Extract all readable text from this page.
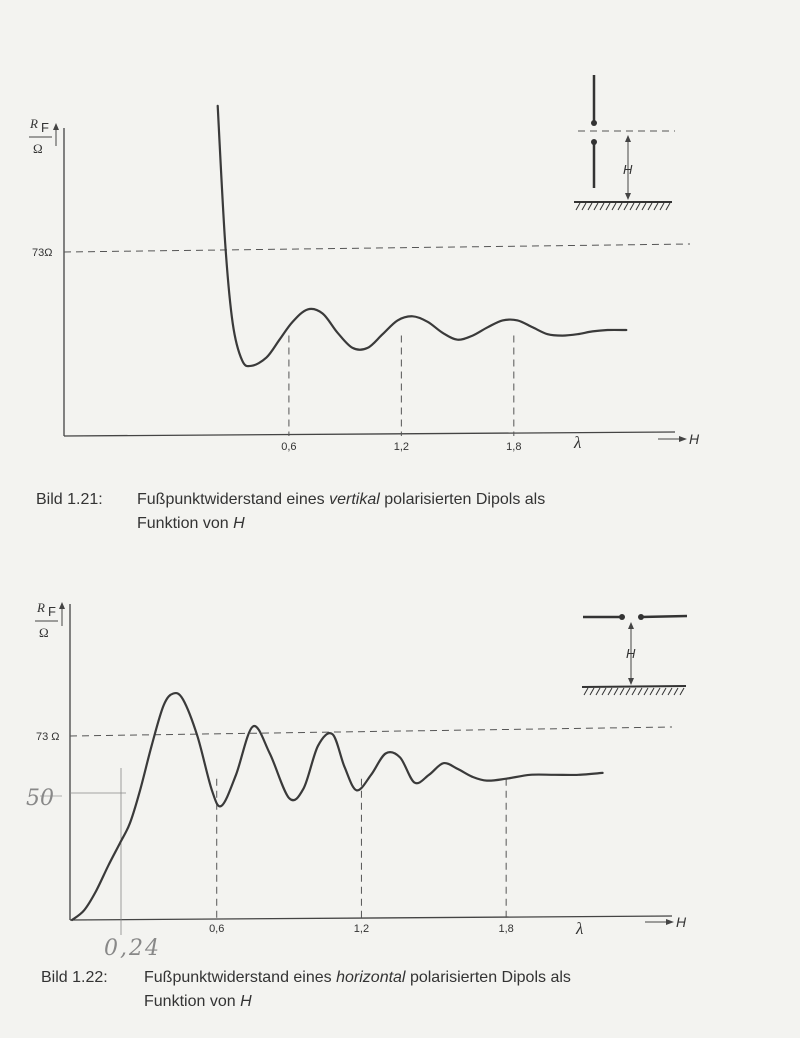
R F
Ω
73Ω
0,6	1,2	1,8	λ	H
H
R F
Ω
73 Ω
0,6	1,2	1,8	λ	H
50
0,24
H
Bild 1.21: Fußpunktwiderstand eines vertikal polarisierten Dipols als
Funktion von H
Bild 1.22: Fußpunktwiderstand eines horizontal polarisierten Dipols als
Funktion von H
